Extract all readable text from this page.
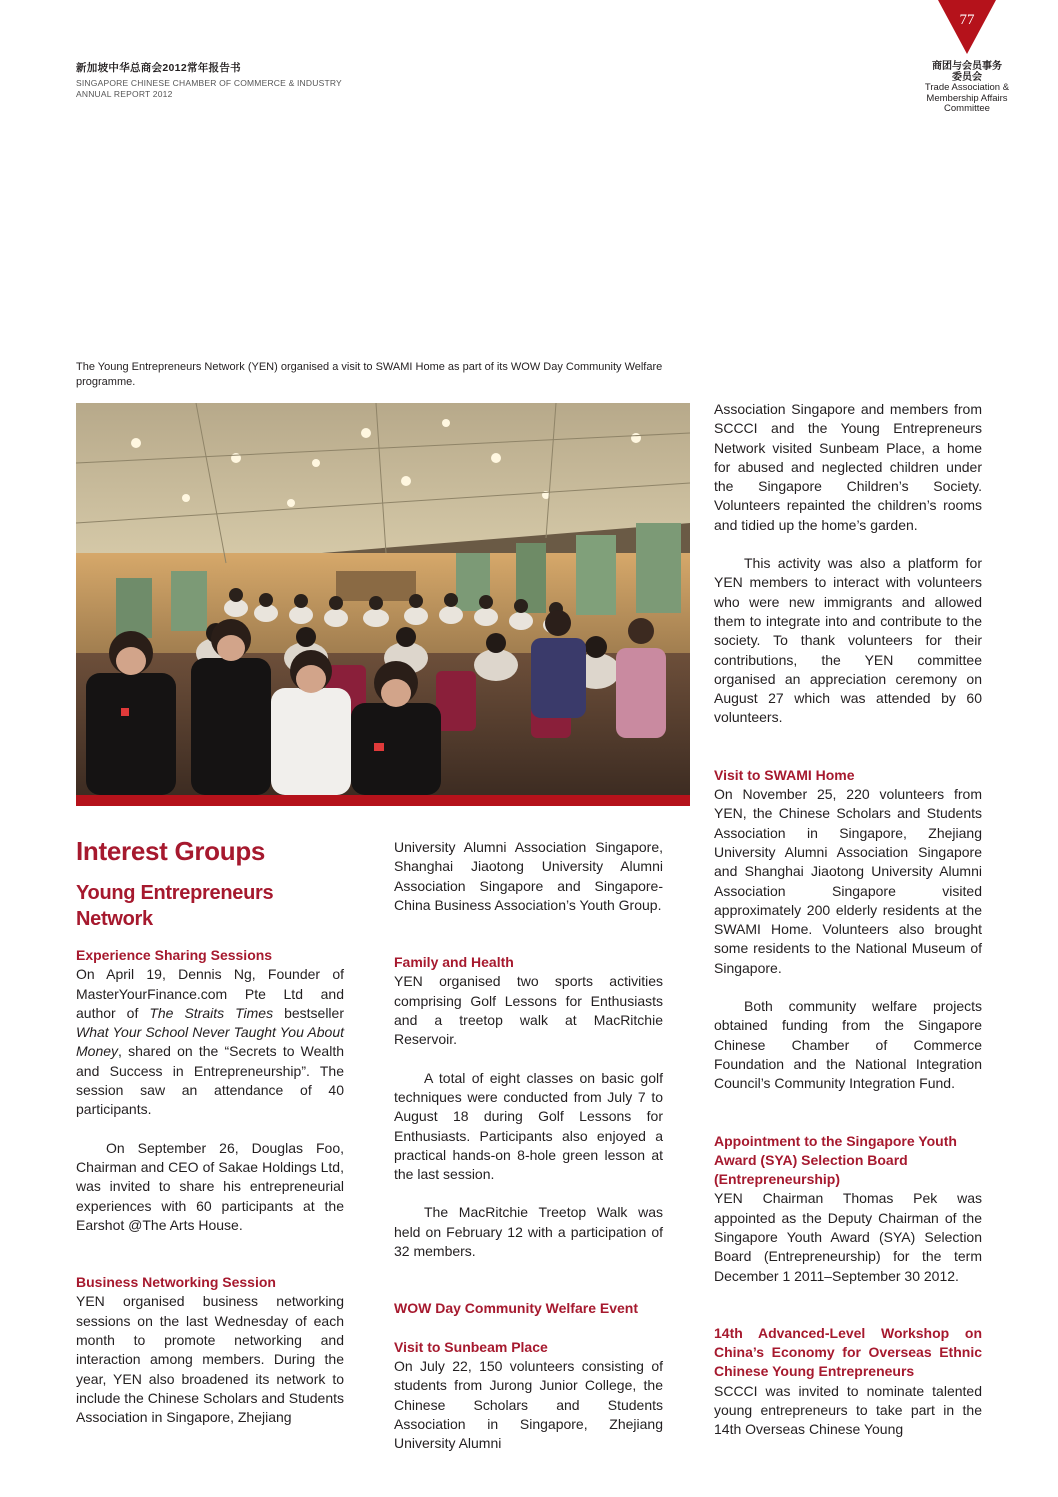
新加坡中华总商会2012常年报告书
SINGAPORE CHINESE CHAMBER OF COMMERCE & INDUSTRY
ANNUAL REPORT 2012
77
商团与会员事务
委员会
Trade Association &
Membership Affairs
Committee
The Young Entrepreneurs Network (YEN) organised a visit to SWAMI Home as part of its WOW Day Community Welfare programme.
Interest Groups
Young Entrepreneurs Network
Experience Sharing Sessions

On April 19, Dennis Ng, Founder of MasterYourFinance.com Pte Ltd and author of The Straits Times bestseller What Your School Never Taught You About Money, shared on the “Secrets to Wealth and Success in Entrepreneurship”. The session saw an attendance of 40 participants.

On September 26, Douglas Foo, Chairman and CEO of Sakae Holdings Ltd, was invited to share his entrepreneurial experiences with 60 participants at the Earshot @The Arts House.

Business Networking Session

YEN organised business networking sessions on the last Wednesday of each month to promote networking and interaction among members. During the year, YEN also broadened its network to include the Chinese Scholars and Students Association in Singapore, Zhejiang

University Alumni Association Singapore, Shanghai Jiaotong University Alumni Association Singapore and Singapore-China Business Association’s Youth Group.

Family and Health

YEN organised two sports activities comprising Golf Lessons for Enthusiasts and a treetop walk at MacRitchie Reservoir.

A total of eight classes on basic golf techniques were conducted from July 7 to August 18 during Golf Lessons for Enthusiasts. Participants also enjoyed a practical hands-on 8-hole green lesson at the last session.

The MacRitchie Treetop Walk was held on February 12 with a participation of 32 members.

WOW Day Community Welfare Event
Visit to Sunbeam Place

On July 22, 150 volunteers consisting of students from Jurong Junior College, the Chinese Scholars and Students Association in Singapore, Zhejiang University Alumni

Association Singapore and members from SCCCI and the Young Entrepreneurs Network visited Sunbeam Place, a home for abused and neglected children under the Singapore Children’s Society. Volunteers repainted the children’s rooms and tidied up the home’s garden.

This activity was also a platform for YEN members to interact with volunteers who were new immigrants and allowed them to integrate into and contribute to the society. To thank volunteers for their contributions, the YEN committee organised an appreciation ceremony on August 27 which was attended by 60 volunteers.

Visit to SWAMI Home

On November 25, 220 volunteers from YEN, the Chinese Scholars and Students Association in Singapore, Zhejiang University Alumni Association Singapore and Shanghai Jiaotong University Alumni Association Singapore visited approximately 200 elderly residents at the SWAMI Home. Volunteers also brought some residents to the National Museum of Singapore.

Both community welfare projects obtained funding from the Singapore Chinese Chamber of Commerce Foundation and the National Integration Council’s Community Integration Fund.

Appointment to the Singapore Youth Award (SYA) Selection Board (Entrepreneurship)

YEN Chairman Thomas Pek was appointed as the Deputy Chairman of the Singapore Youth Award (SYA) Selection Board (Entrepreneurship) for the term December 1 2011–September 30 2012.

14th Advanced-Level Workshop on China’s Economy for Overseas Ethnic Chinese Young Entrepreneurs

SCCCI was invited to nominate talented young entrepreneurs to take part in the 14th Overseas Chinese Young
